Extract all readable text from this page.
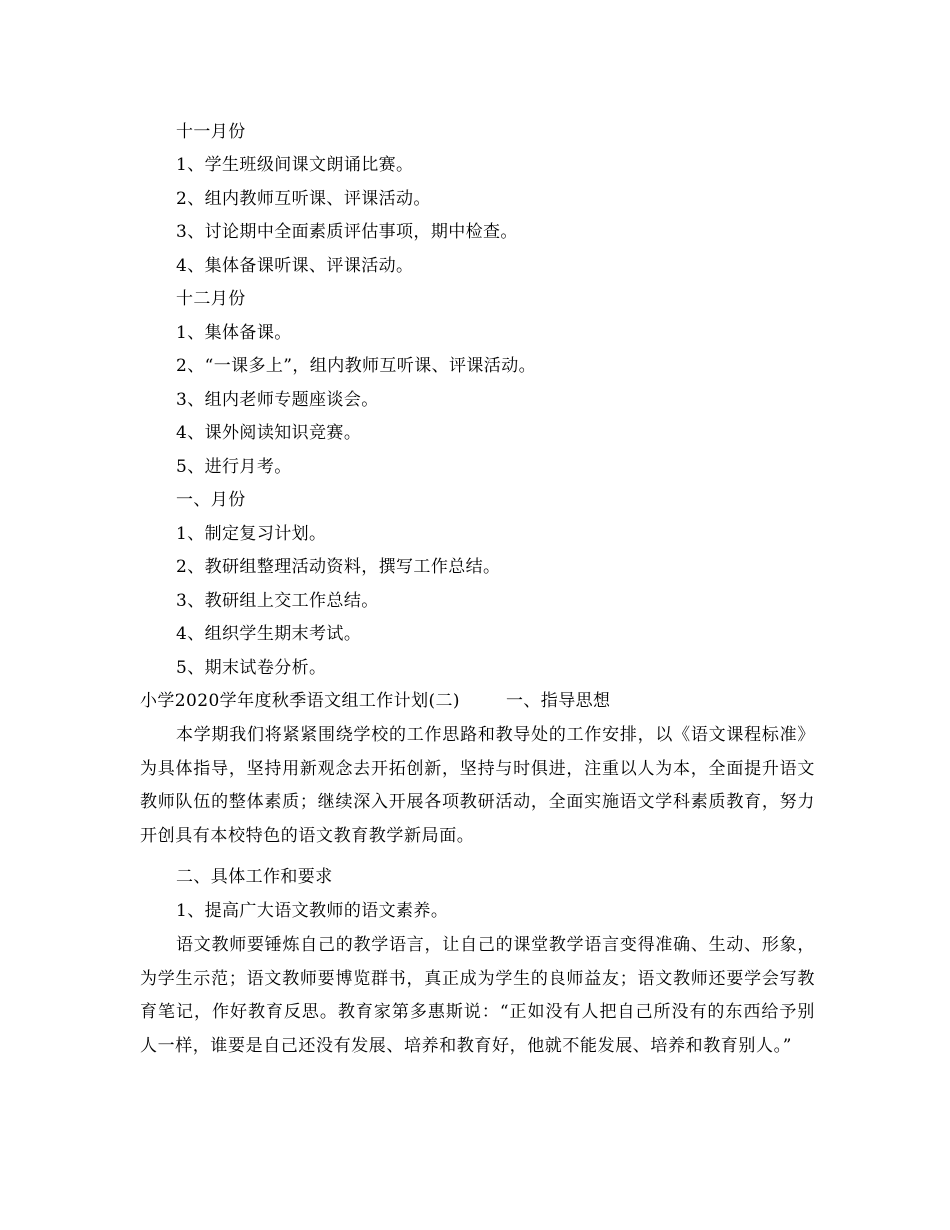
十一月份
1、学生班级间课文朗诵比赛。
2、组内教师互听课、评课活动。
3、讨论期中全面素质评估事项，期中检查。
4、集体备课听课、评课活动。
十二月份
1、集体备课。
2、“一课多上”，组内教师互听课、评课活动。
3、组内老师专题座谈会。
4、课外阅读知识竞赛。
5、进行月考。
一、月份
1、制定复习计划。
2、教研组整理活动资料，撰写工作总结。
3、教研组上交工作总结。
4、组织学生期末考试。
5、期末试卷分析。
小学2020学年度秋季语文组工作计划(二)	一、指导思想
本学期我们将紧紧围绕学校的工作思路和教导处的工作安排，以《语文课程标准》为具体指导，坚持用新观念去开拓创新，坚持与时俱进，注重以人为本，全面提升语文教师队伍的整体素质；继续深入开展各项教研活动，全面实施语文学科素质教育，努力开创具有本校特色的语文教育教学新局面。
二、具体工作和要求
1、提高广大语文教师的语文素养。
语文教师要锤炼自己的教学语言，让自己的课堂教学语言变得准确、生动、形象，为学生示范；语文教师要博览群书，真正成为学生的良师益友；语文教师还要学会写教育笔记，作好教育反思。教育家第多惠斯说：“正如没有人把自己所没有的东西给予别人一样，谁要是自己还没有发展、培养和教育好，他就不能发展、培养和教育别人。”
